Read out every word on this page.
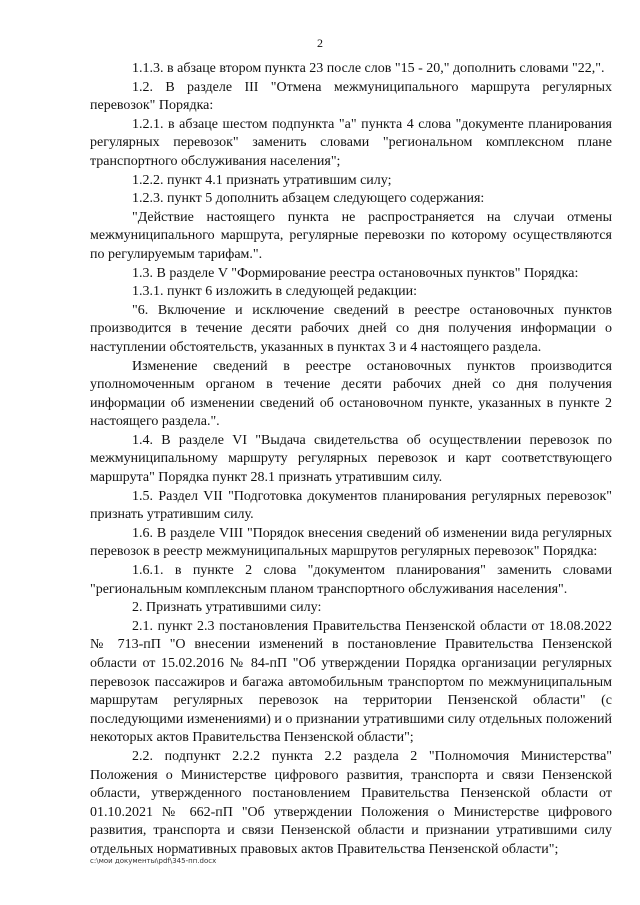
2

1.1.3. в абзаце втором пункта 23 после слов "15 - 20," дополнить словами "22,".

1.2. В разделе III "Отмена межмуниципального маршрута регулярных перевозок" Порядка:

1.2.1. в абзаце шестом подпункта "а" пункта 4 слова "документе планирования регулярных перевозок" заменить словами "региональном комплексном плане транспортного обслуживания населения";

1.2.2. пункт 4.1 признать утратившим силу;

1.2.3. пункт 5 дополнить абзацем следующего содержания:

"Действие настоящего пункта не распространяется на случаи отмены межмуниципального маршрута, регулярные перевозки по которому осуществляются по регулируемым тарифам.".

1.3. В разделе V "Формирование реестра остановочных пунктов" Порядка:

1.3.1. пункт 6 изложить в следующей редакции:

"6. Включение и исключение сведений в реестре остановочных пунктов производится в течение десяти рабочих дней со дня получения информации о наступлении обстоятельств, указанных в пунктах 3 и 4 настоящего раздела.

Изменение сведений в реестре остановочных пунктов производится уполномоченным органом в течение десяти рабочих дней со дня получения информации об изменении сведений об остановочном пункте, указанных в пункте 2 настоящего раздела.".

1.4. В разделе VI "Выдача свидетельства об осуществлении перевозок по межмуниципальному маршруту регулярных перевозок и карт соответствующего маршрута" Порядка пункт 28.1 признать утратившим силу.

1.5. Раздел VII "Подготовка документов планирования регулярных перевозок" признать утратившим силу.

1.6. В разделе VIII "Порядок внесения сведений об изменении вида регулярных перевозок в реестр межмуниципальных маршрутов регулярных перевозок" Порядка:

1.6.1. в пункте 2 слова "документом планирования" заменить словами "региональным комплексным планом транспортного обслуживания населения".

2. Признать утратившими силу:

2.1. пункт 2.3 постановления Правительства Пензенской области от 18.08.2022 № 713-пП "О внесении изменений в постановление Правительства Пензенской области от 15.02.2016 № 84-пП "Об утверждении Порядка организации регулярных перевозок пассажиров и багажа автомобильным транспортом по межмуниципальным маршрутам регулярных перевозок на территории Пензенской области" (с последующими изменениями) и о признании утратившими силу отдельных положений некоторых актов Правительства Пензенской области";

2.2. подпункт 2.2.2 пункта 2.2 раздела 2 "Полномочия Министерства" Положения о Министерстве цифрового развития, транспорта и связи Пензенской области, утвержденного постановлением Правительства Пензенской области от 01.10.2021 № 662-пП "Об утверждении Положения о Министерстве цифрового развития, транспорта и связи Пензенской области и признании утратившими силу отдельных нормативных правовых актов Правительства Пензенской области";

c:\мои документы\pdf\345-пп.docx
